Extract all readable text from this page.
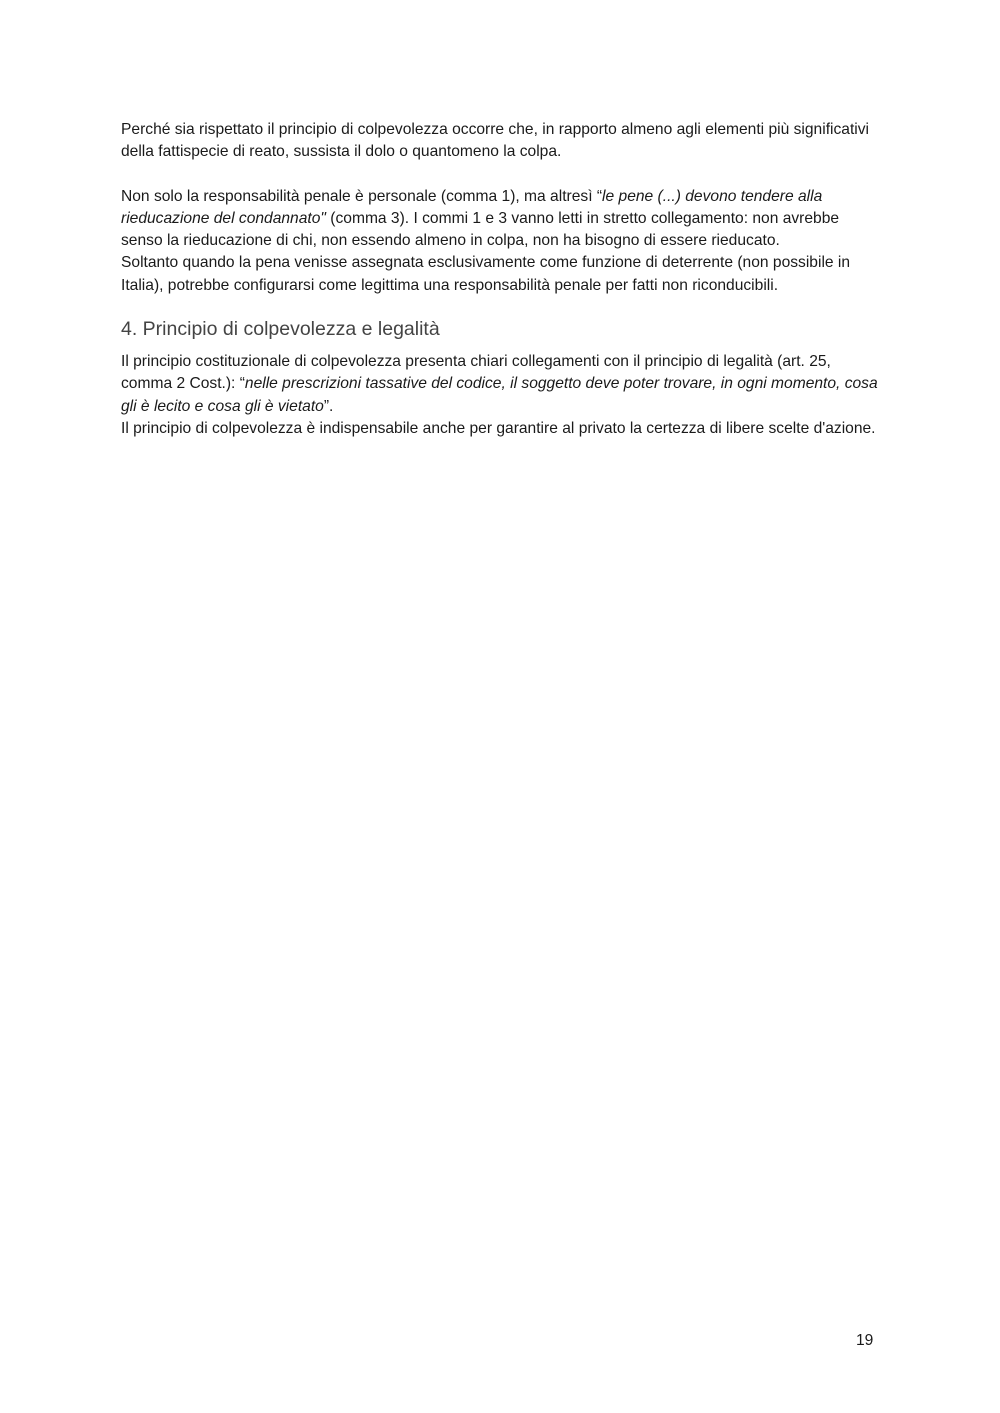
Perché sia rispettato il principio di colpevolezza occorre che, in rapporto almeno agli elementi più significativi della fattispecie di reato, sussista il dolo o quantomeno la colpa.

Non solo la responsabilità penale è personale (comma 1), ma altresì “le pene (...) devono tendere alla rieducazione del condannato" (comma 3). I commi 1 e 3 vanno letti in stretto collegamento: non avrebbe senso la rieducazione di chi, non essendo almeno in colpa, non ha bisogno di essere rieducato.

Soltanto quando la pena venisse assegnata esclusivamente come funzione di deterrente (non possibile in Italia), potrebbe configurarsi come legittima una responsabilità penale per fatti non riconducibili.

4. Principio di colpevolezza e legalità

Il principio costituzionale di colpevolezza presenta chiari collegamenti con il principio di legalità (art. 25, comma 2 Cost.): “nelle prescrizioni tassative del codice, il soggetto deve poter trovare, in ogni momento, cosa gli è lecito e cosa gli è vietato”.

Il principio di colpevolezza è indispensabile anche per garantire al privato la certezza di libere scelte d'azione.

19
